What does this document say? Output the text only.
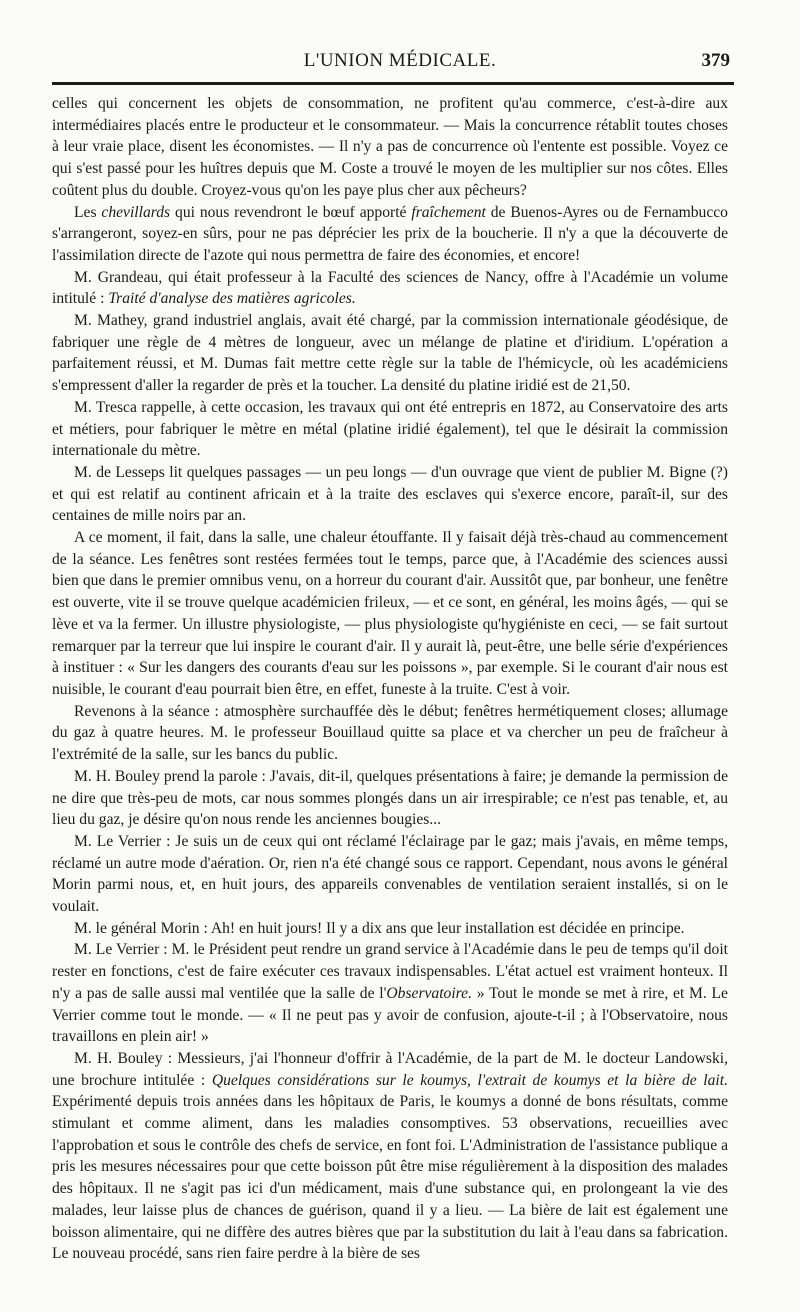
L'UNION MÉDICALE.	379

celles qui concernent les objets de consommation, ne profitent qu'au commerce, c'est-à-dire aux intermédiaires placés entre le producteur et le consommateur. — Mais la concurrence rétablit toutes choses à leur vraie place, disent les économistes. — Il n'y a pas de concurrence où l'entente est possible. Voyez ce qui s'est passé pour les huîtres depuis que M. Coste a trouvé le moyen de les multiplier sur nos côtes. Elles coûtent plus du double. Croyez-vous qu'on les paye plus cher aux pêcheurs?

Les chevillards qui nous revendront le bœuf apporté fraîchement de Buenos-Ayres ou de Fernambucco s'arrangeront, soyez-en sûrs, pour ne pas déprécier les prix de la boucherie. Il n'y a que la découverte de l'assimilation directe de l'azote qui nous permettra de faire des économies, et encore!

M. Grandeau, qui était professeur à la Faculté des sciences de Nancy, offre à l'Académie un volume intitulé : Traité d'analyse des matières agricoles.

M. Mathey, grand industriel anglais, avait été chargé, par la commission internationale géodésique, de fabriquer une règle de 4 mètres de longueur, avec un mélange de platine et d'iridium. L'opération a parfaitement réussi, et M. Dumas fait mettre cette règle sur la table de l'hémicycle, où les académiciens s'empressent d'aller la regarder de près et la toucher. La densité du platine iridié est de 21,50.

M. Tresca rappelle, à cette occasion, les travaux qui ont été entrepris en 1872, au Conservatoire des arts et métiers, pour fabriquer le mètre en métal (platine iridié également), tel que le désirait la commission internationale du mètre.

M. de Lesseps lit quelques passages — un peu longs — d'un ouvrage que vient de publier M. Bigne (?) et qui est relatif au continent africain et à la traite des esclaves qui s'exerce encore, paraît-il, sur des centaines de mille noirs par an.

A ce moment, il fait, dans la salle, une chaleur étouffante. Il y faisait déjà très-chaud au commencement de la séance. Les fenêtres sont restées fermées tout le temps, parce que, à l'Académie des sciences aussi bien que dans le premier omnibus venu, on a horreur du courant d'air. Aussitôt que, par bonheur, une fenêtre est ouverte, vite il se trouve quelque académicien frileux, — et ce sont, en général, les moins âgés, — qui se lève et va la fermer. Un illustre physiologiste, — plus physiologiste qu'hygiéniste en ceci, — se fait surtout remarquer par la terreur que lui inspire le courant d'air. Il y aurait là, peut-être, une belle série d'expériences à instituer : « Sur les dangers des courants d'eau sur les poissons », par exemple. Si le courant d'air nous est nuisible, le courant d'eau pourrait bien être, en effet, funeste à la truite. C'est à voir.

Revenons à la séance : atmosphère surchauffée dès le début; fenêtres hermétiquement closes; allumage du gaz à quatre heures. M. le professeur Bouillaud quitte sa place et va chercher un peu de fraîcheur à l'extrémité de la salle, sur les bancs du public.

M. H. Bouley prend la parole : J'avais, dit-il, quelques présentations à faire; je demande la permission de ne dire que très-peu de mots, car nous sommes plongés dans un air irrespirable; ce n'est pas tenable, et, au lieu du gaz, je désire qu'on nous rende les anciennes bougies...

M. Le Verrier : Je suis un de ceux qui ont réclamé l'éclairage par le gaz; mais j'avais, en même temps, réclamé un autre mode d'aération. Or, rien n'a été changé sous ce rapport. Cependant, nous avons le général Morin parmi nous, et, en huit jours, des appareils convenables de ventilation seraient installés, si on le voulait.

M. le général Morin : Ah! en huit jours! Il y a dix ans que leur installation est décidée en principe.

M. Le Verrier : M. le Président peut rendre un grand service à l'Académie dans le peu de temps qu'il doit rester en fonctions, c'est de faire exécuter ces travaux indispensables. L'état actuel est vraiment honteux. Il n'y a pas de salle aussi mal ventilée que la salle de l'Observatoire. » Tout le monde se met à rire, et M. Le Verrier comme tout le monde. — « Il ne peut pas y avoir de confusion, ajoute-t-il ; à l'Observatoire, nous travaillons en plein air! »

M. H. Bouley : Messieurs, j'ai l'honneur d'offrir à l'Académie, de la part de M. le docteur Landowski, une brochure intitulée : Quelques considérations sur le koumys, l'extrait de koumys et la bière de lait. Expérimenté depuis trois années dans les hôpitaux de Paris, le koumys a donné de bons résultats, comme stimulant et comme aliment, dans les maladies consomptives. 53 observations, recueillies avec l'approbation et sous le contrôle des chefs de service, en font foi. L'Administration de l'assistance publique a pris les mesures nécessaires pour que cette boisson pût être mise régulièrement à la disposition des malades des hôpitaux. Il ne s'agit pas ici d'un médicament, mais d'une substance qui, en prolongeant la vie des malades, leur laisse plus de chances de guérison, quand il y a lieu. — La bière de lait est également une boisson alimentaire, qui ne diffère des autres bières que par la substitution du lait à l'eau dans sa fabrication. Le nouveau procédé, sans rien faire perdre à la bière de ses
